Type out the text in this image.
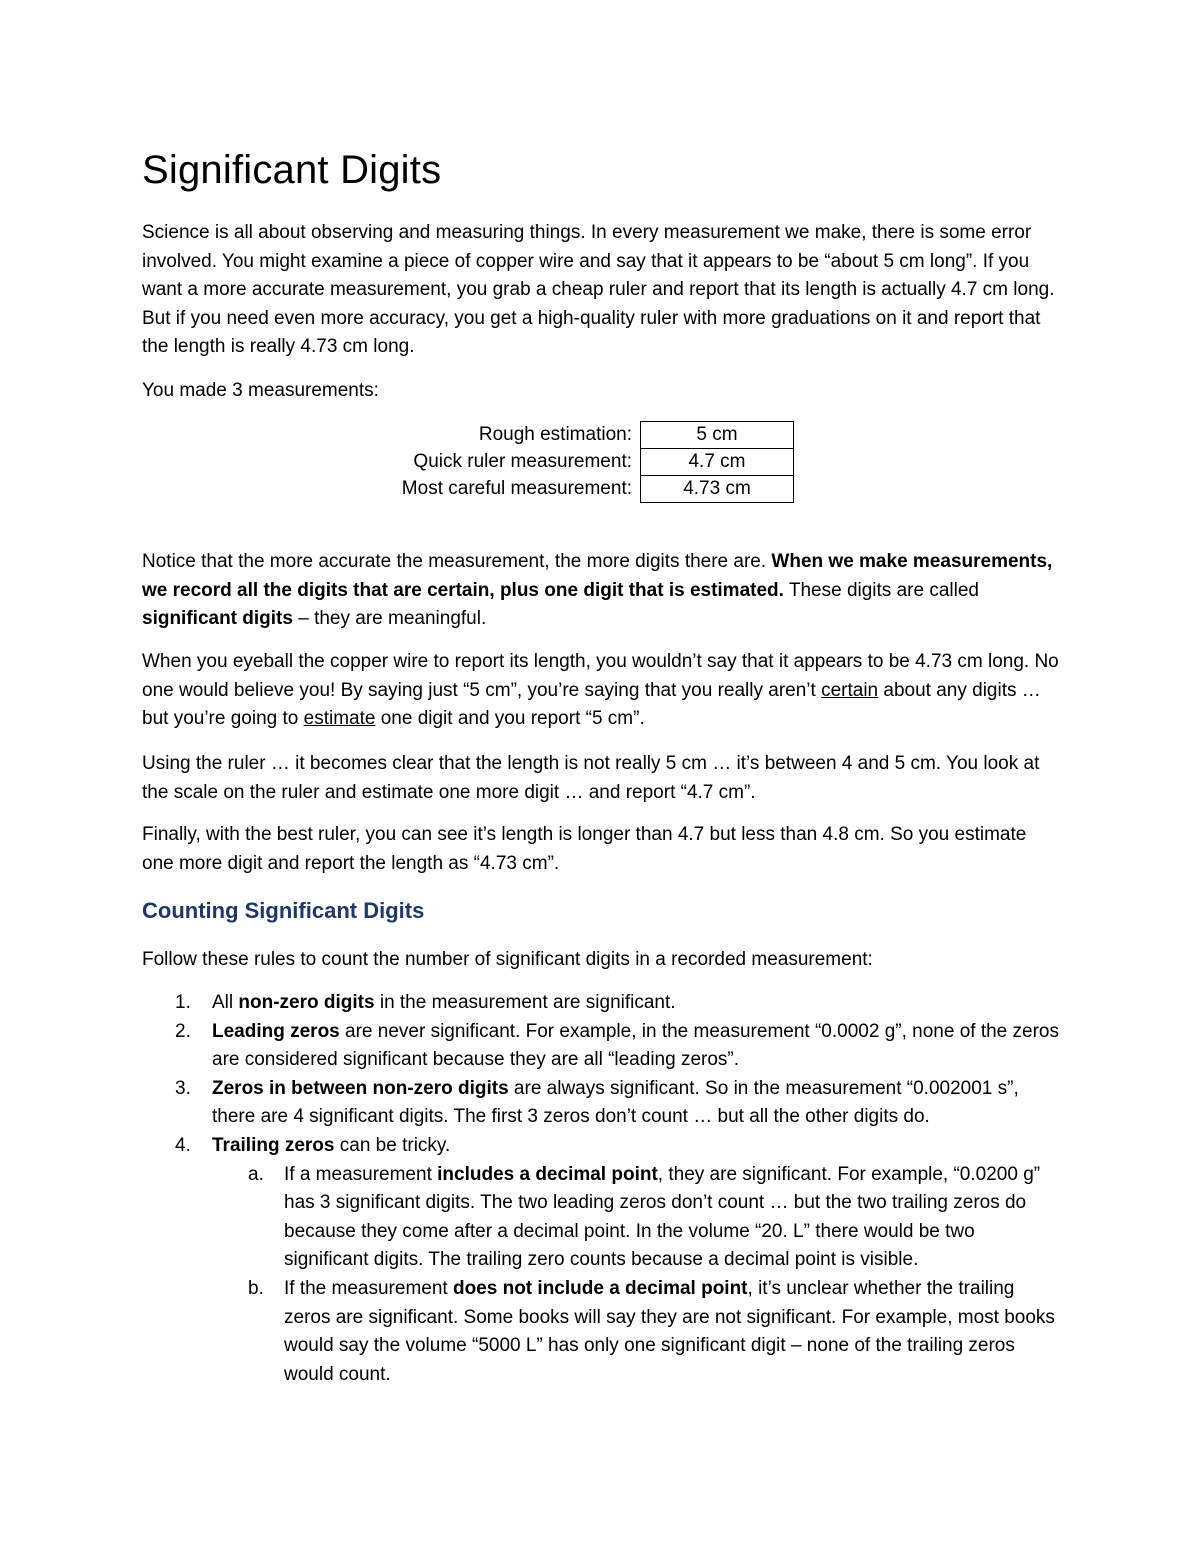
Significant Digits

Science is all about observing and measuring things. In every measurement we make, there is some error involved. You might examine a piece of copper wire and say that it appears to be “about 5 cm long”. If you want a more accurate measurement, you grab a cheap ruler and report that its length is actually 4.7 cm long. But if you need even more accuracy, you get a high-quality ruler with more graduations on it and report that the length is really 4.73 cm long.

You made 3 measurements:

Rough estimation:	5 cm
Quick ruler measurement:	4.7 cm
Most careful measurement:	4.73 cm

Notice that the more accurate the measurement, the more digits there are. When we make measurements, we record all the digits that are certain, plus one digit that is estimated. These digits are called significant digits – they are meaningful.

When you eyeball the copper wire to report its length, you wouldn’t say that it appears to be 4.73 cm long. No one would believe you! By saying just “5 cm”, you’re saying that you really aren’t certain about any digits … but you’re going to estimate one digit and you report “5 cm”.

Using the ruler … it becomes clear that the length is not really 5 cm … it’s between 4 and 5 cm. You look at the scale on the ruler and estimate one more digit … and report “4.7 cm”.

Finally, with the best ruler, you can see it’s length is longer than 4.7 but less than 4.8 cm. So you estimate one more digit and report the length as “4.73 cm”.

Counting Significant Digits

Follow these rules to count the number of significant digits in a recorded measurement:

1. All non-zero digits in the measurement are significant.
2. Leading zeros are never significant. For example, in the measurement “0.0002 g”, none of the zeros are considered significant because they are all “leading zeros”.
3. Zeros in between non-zero digits are always significant. So in the measurement “0.002001 s”, there are 4 significant digits. The first 3 zeros don’t count … but all the other digits do.
4. Trailing zeros can be tricky.
a. If a measurement includes a decimal point, they are significant. For example, “0.0200 g” has 3 significant digits. The two leading zeros don’t count … but the two trailing zeros do because they come after a decimal point. In the volume “20. L” there would be two significant digits. The trailing zero counts because a decimal point is visible.
b. If the measurement does not include a decimal point, it’s unclear whether the trailing zeros are significant. Some books will say they are not significant. For example, most books would say the volume “5000 L” has only one significant digit – none of the trailing zeros would count.
